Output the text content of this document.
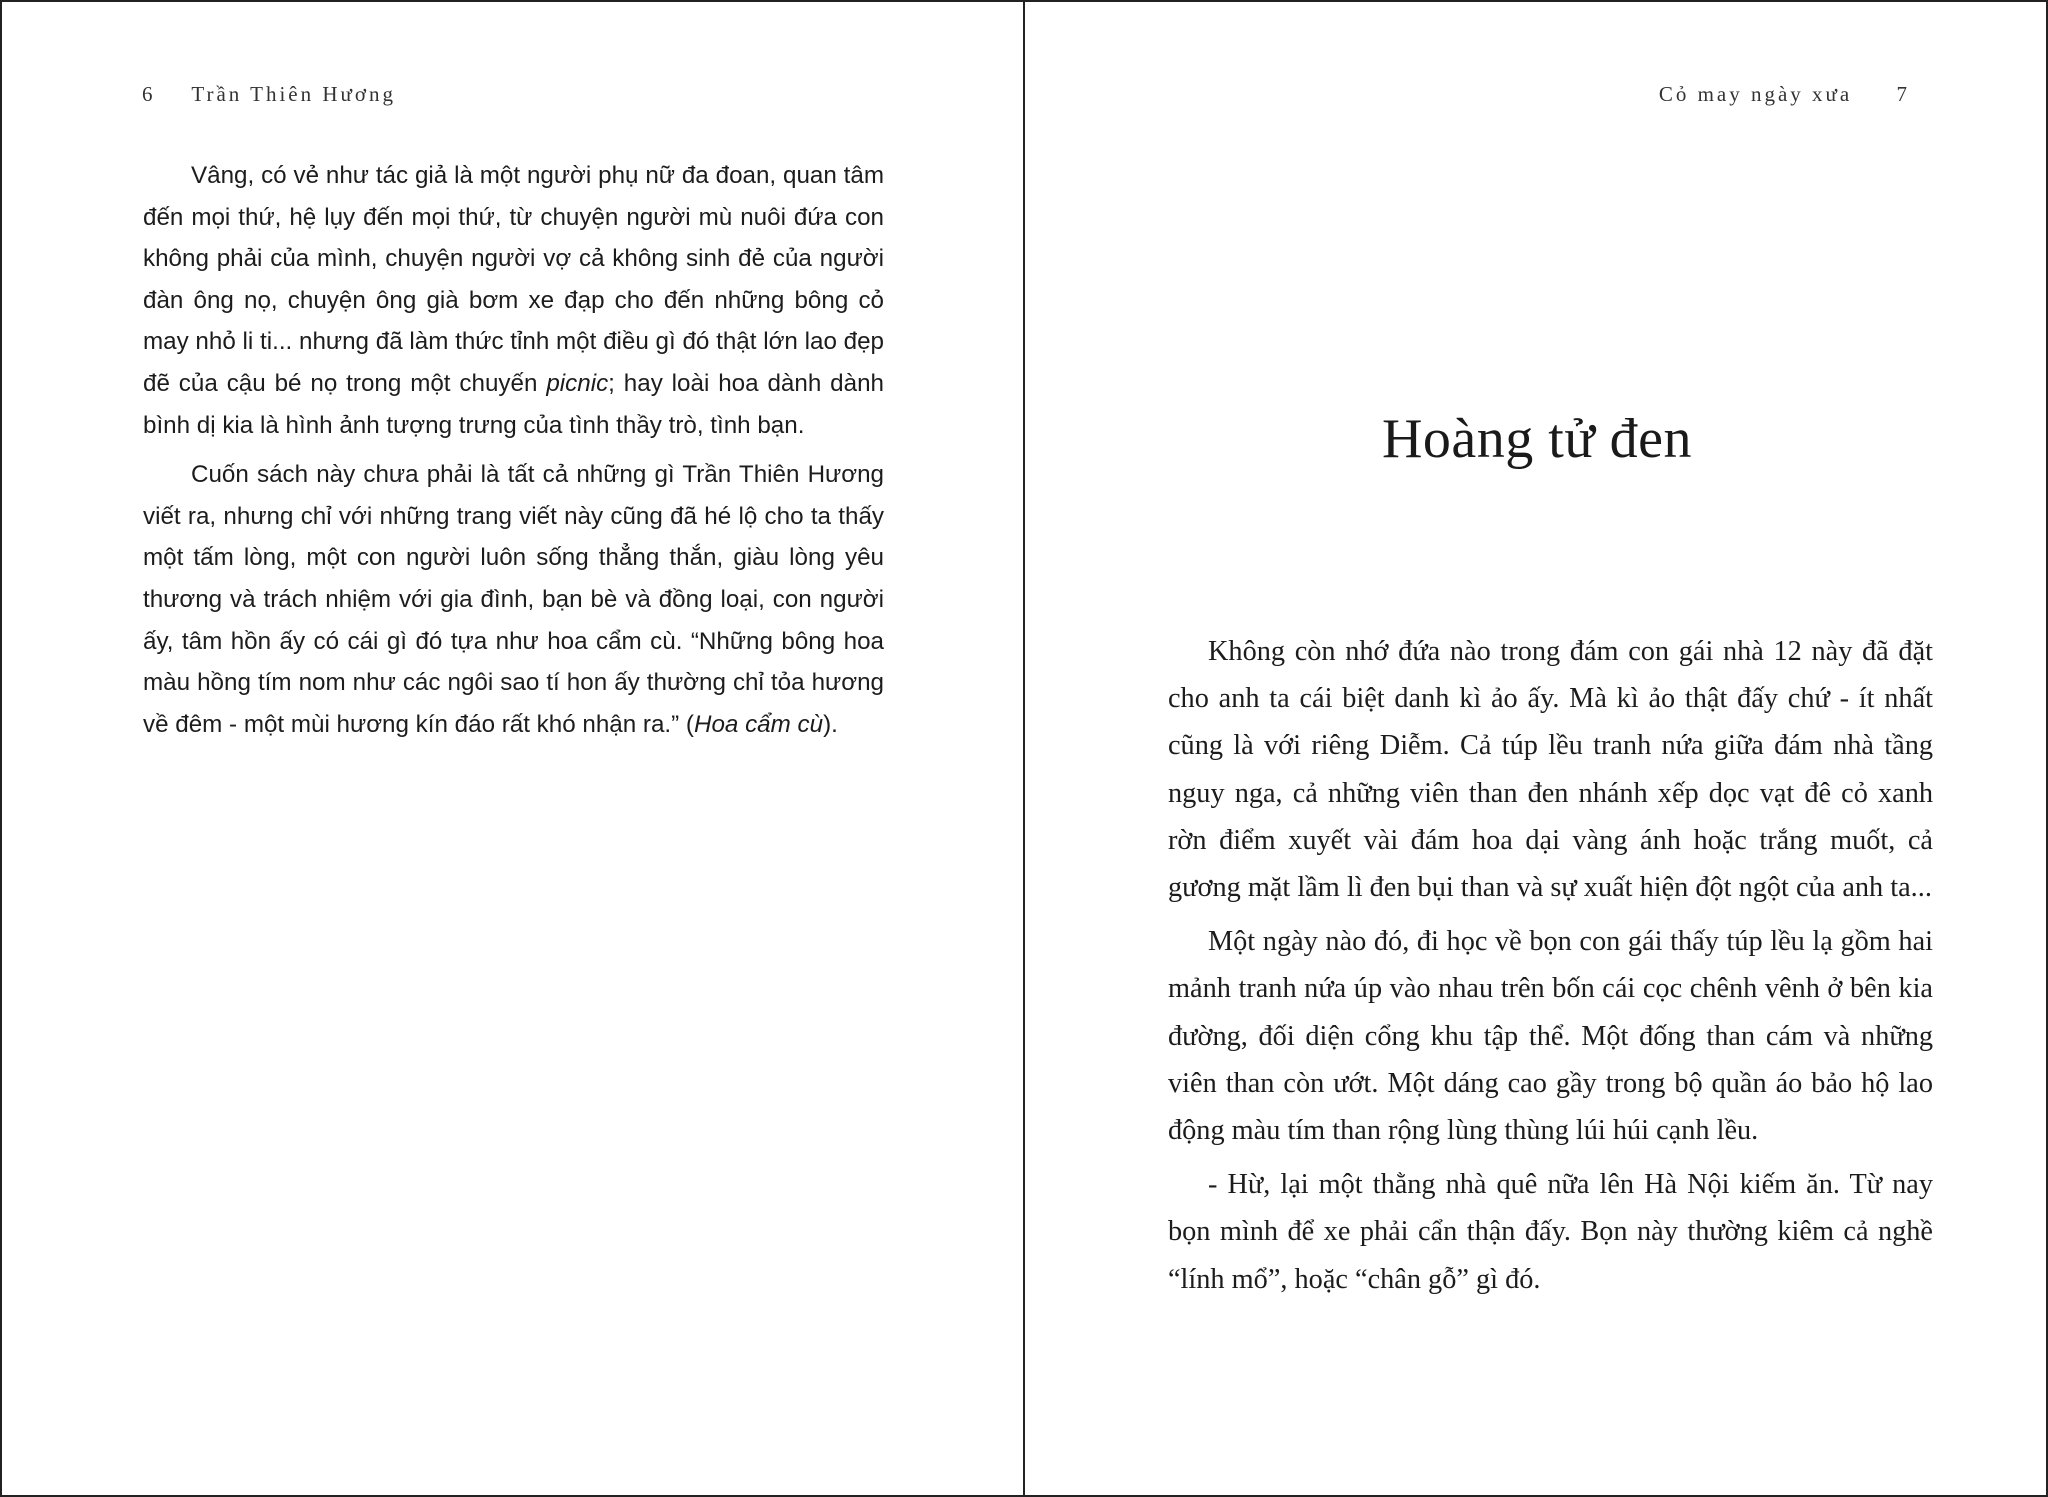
6 Trần Thiên Hương

Vâng, có vẻ như tác giả là một người phụ nữ đa đoan, quan tâm đến mọi thứ, hệ lụy đến mọi thứ, từ chuyện người mù nuôi đứa con không phải của mình, chuyện người vợ cả không sinh đẻ của người đàn ông nọ, chuyện ông già bơm xe đạp cho đến những bông cỏ may nhỏ li ti... nhưng đã làm thức tỉnh một điều gì đó thật lớn lao đẹp đẽ của cậu bé nọ trong một chuyến picnic; hay loài hoa dành dành bình dị kia là hình ảnh tượng trưng của tình thầy trò, tình bạn.

Cuốn sách này chưa phải là tất cả những gì Trần Thiên Hương viết ra, nhưng chỉ với những trang viết này cũng đã hé lộ cho ta thấy một tấm lòng, một con người luôn sống thẳng thắn, giàu lòng yêu thương và trách nhiệm với gia đình, bạn bè và đồng loại, con người ấy, tâm hồn ấy có cái gì đó tựa như hoa cẩm cù. “Những bông hoa màu hồng tím nom như các ngôi sao tí hon ấy thường chỉ tỏa hương về đêm - một mùi hương kín đáo rất khó nhận ra.” (Hoa cẩm cù).

Cỏ may ngày xưa 7
Hoàng tử đen

Không còn nhớ đứa nào trong đám con gái nhà 12 này đã đặt cho anh ta cái biệt danh kì ảo ấy. Mà kì ảo thật đấy chứ - ít nhất cũng là với riêng Diễm. Cả túp lều tranh nứa giữa đám nhà tầng nguy nga, cả những viên than đen nhánh xếp dọc vạt đê cỏ xanh rờn điểm xuyết vài đám hoa dại vàng ánh hoặc trắng muốt, cả gương mặt lầm lì đen bụi than và sự xuất hiện đột ngột của anh ta...

Một ngày nào đó, đi học về bọn con gái thấy túp lều lạ gồm hai mảnh tranh nứa úp vào nhau trên bốn cái cọc chênh vênh ở bên kia đường, đối diện cổng khu tập thể. Một đống than cám và những viên than còn ướt. Một dáng cao gầy trong bộ quần áo bảo hộ lao động màu tím than rộng lùng thùng lúi húi cạnh lều.

- Hừ, lại một thằng nhà quê nữa lên Hà Nội kiếm ăn. Từ nay bọn mình để xe phải cẩn thận đấy. Bọn này thường kiêm cả nghề “lính mổ”, hoặc “chân gỗ” gì đó.
